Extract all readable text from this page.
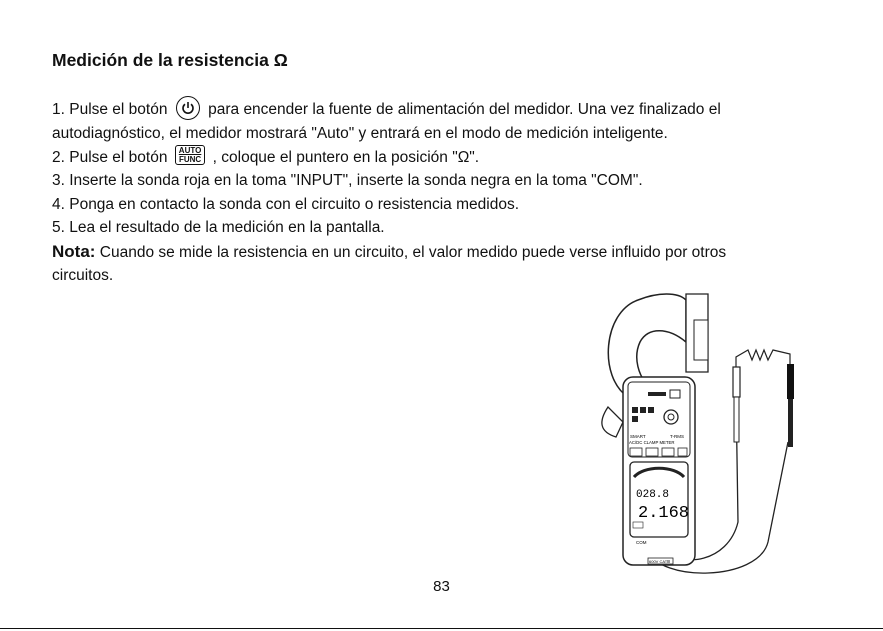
Medición de la resistencia Ω

1. Pulse el botón	para encender la fuente de alimentación del medidor. Una vez finalizado el

autodiagnóstico, el medidor mostrará "Auto" y entrará en el modo de medición inteligente.

2. Pulse el botón AUTO
FUNC , coloque el puntero en la posición "Ω".

3. Inserte la sonda roja en la toma "INPUT", inserte la sonda negra en la toma "COM".

4. Ponga en contacto la sonda con el circuito o resistencia medidos.

5. Lea el resultado de la medición en la pantalla.

Nota: Cuando se mide la resistencia en un circuito, el valor medido puede verse influido por otros

circuitos.

SMART	T-RMS
AC/DC CLAMP METER
028.8
2.168
COM
600V CATⅢ
83
